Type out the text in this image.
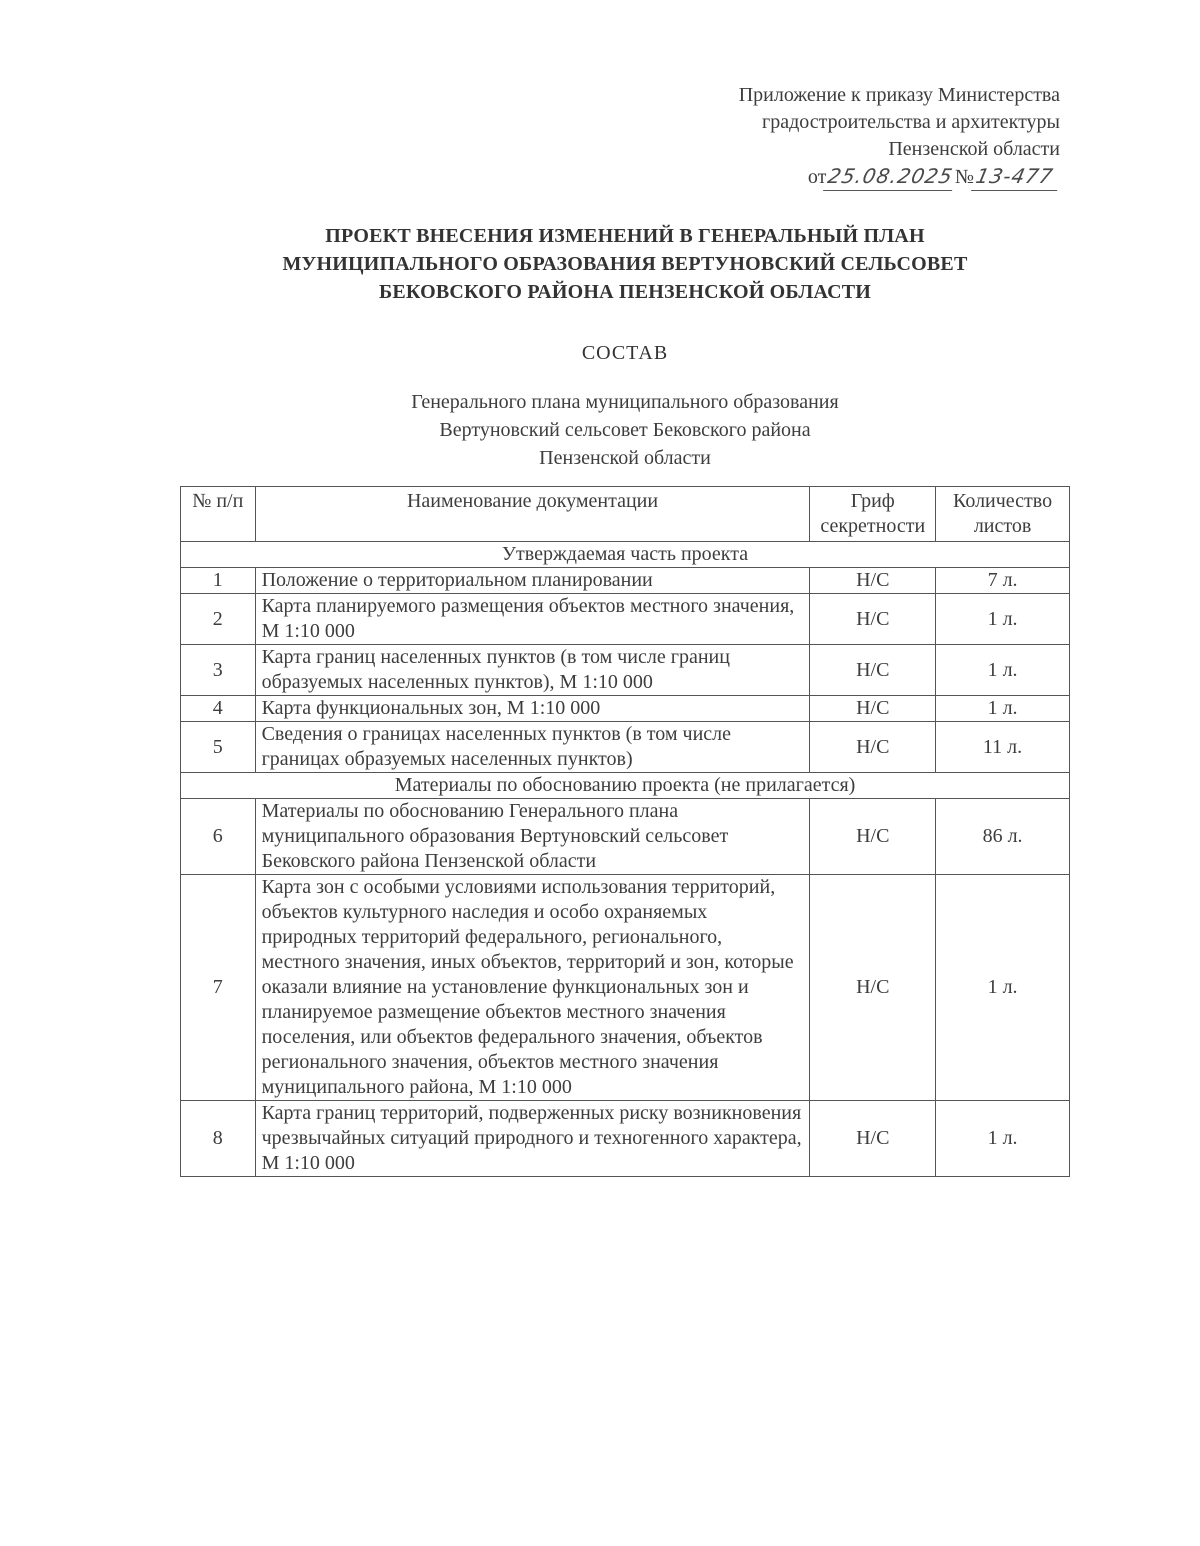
Приложение к приказу Министерства
градостроительства и архитектуры
Пензенской области
от25.08.2025№13-477
ПРОЕКТ ВНЕСЕНИЯ ИЗМЕНЕНИЙ В ГЕНЕРАЛЬНЫЙ ПЛАН
МУНИЦИПАЛЬНОГО ОБРАЗОВАНИЯ ВЕРТУНОВСКИЙ СЕЛЬСОВЕТ
БЕКОВСКОГО РАЙОНА ПЕНЗЕНСКОЙ ОБЛАСТИ
СОСТАВ
Генерального плана муниципального образования
Вертуновский сельсовет Бековского района
Пензенской области
№ п/п	Наименование документации	Гриф секретности	Количество листов
Утверждаемая часть проекта			
1	Положение о территориальном планировании	Н/С	7 л.
2	Карта планируемого размещения объектов местного значения, М 1:10 000	Н/С	1 л.
3	Карта границ населенных пунктов (в том числе границ образуемых населенных пунктов), М 1:10 000	Н/С	1 л.
4	Карта функциональных зон, М 1:10 000	Н/С	1 л.
5	Сведения о границах населенных пунктов (в том числе границах образуемых населенных пунктов)	Н/С	11 л.
Материалы по обоснованию проекта (не прилагается)			
6	Материалы по обоснованию Генерального плана муниципального образования Вертуновский сельсовет Бековского района Пензенской области	Н/С	86 л.
7	Карта зон с особыми условиями использования территорий, объектов культурного наследия и особо охраняемых природных территорий федерального, регионального, местного значения, иных объектов, территорий и зон, которые оказали влияние на установление функциональных зон и планируемое размещение объектов местного значения поселения, или объектов федерального значения, объектов регионального значения, объектов местного значения муниципального района, М 1:10 000	Н/С	1 л.
8	Карта границ территорий, подверженных риску возникновения чрезвычайных ситуаций природного и техногенного характера, М 1:10 000	Н/С	1 л.
